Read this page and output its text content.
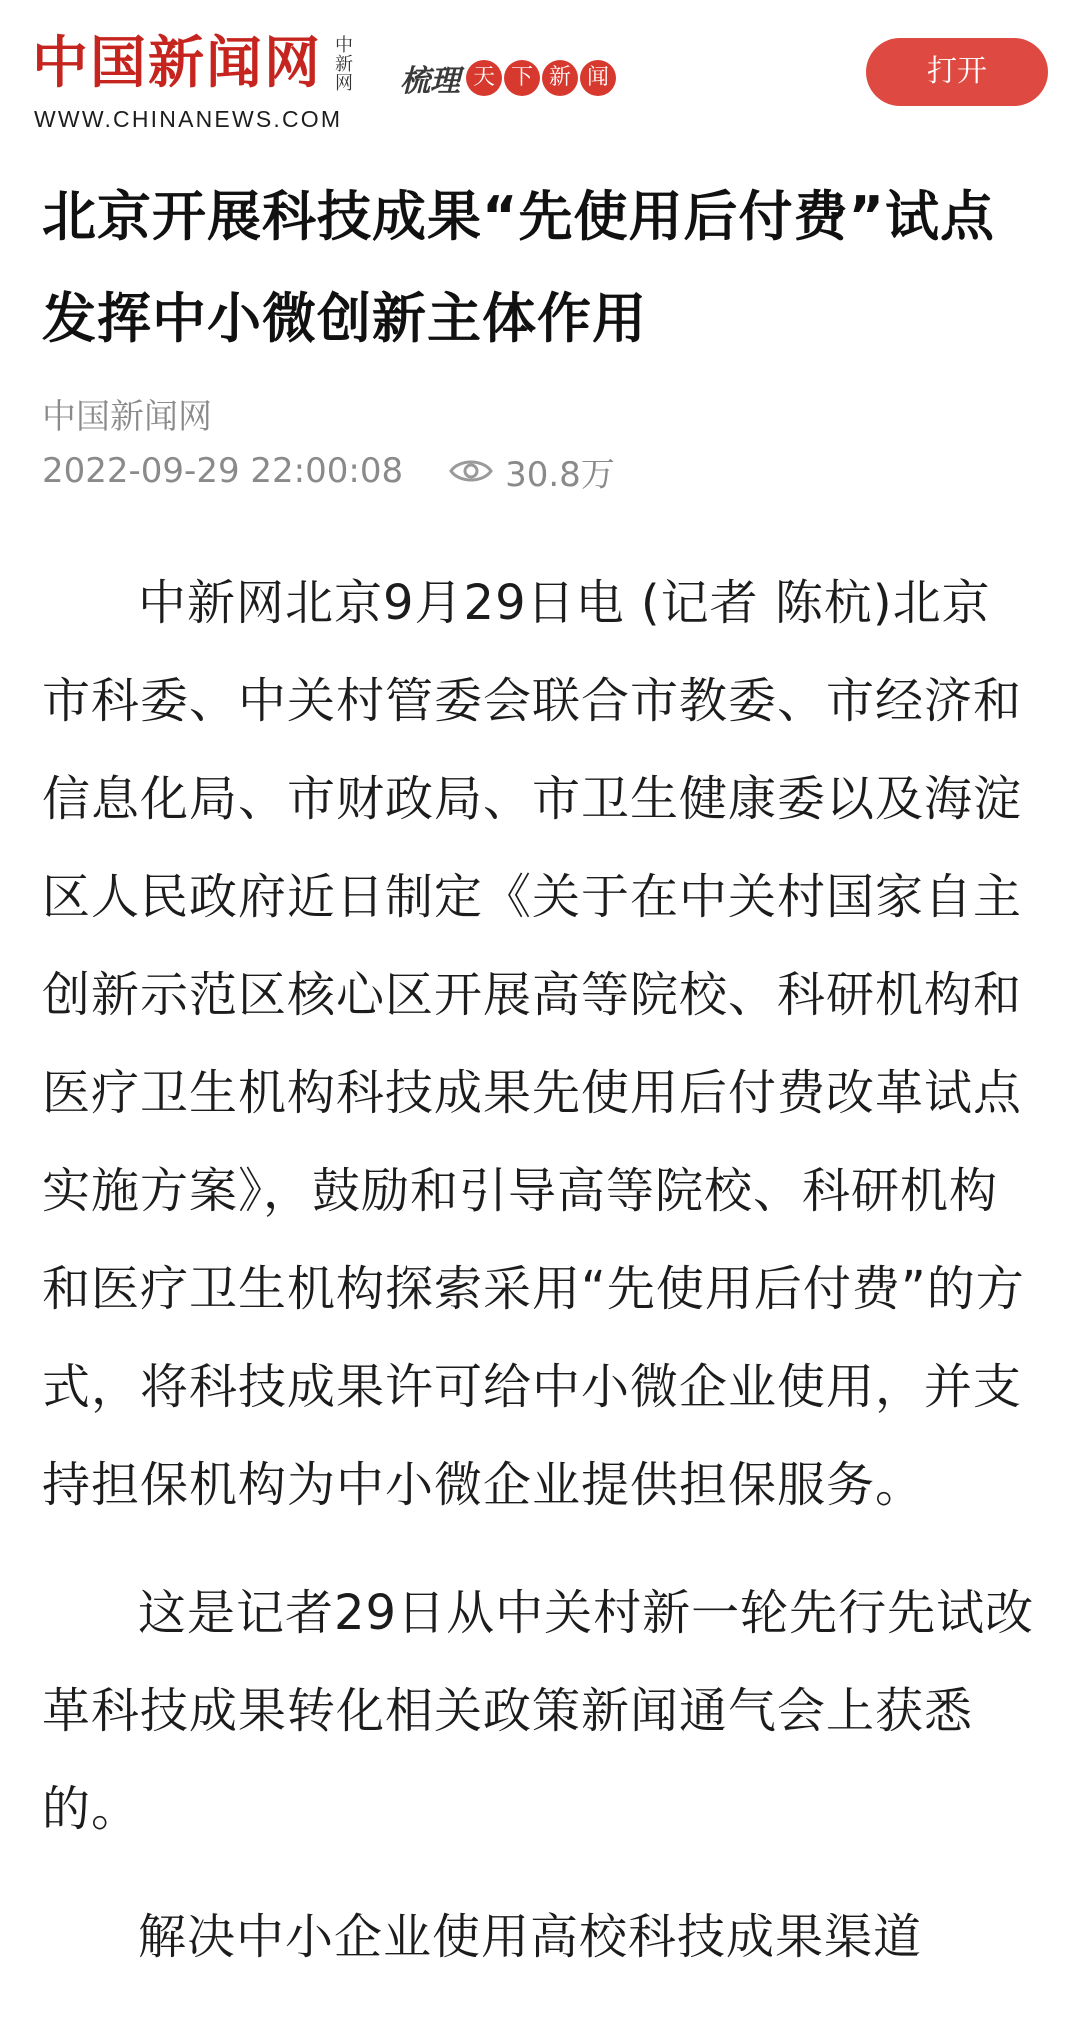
中国新闻网 中新网
WWW.CHINANEWS.COM
梳理 天 下 新 闻	打开
北京开展科技成果“先使用后付费”试点 发挥中小微创新主体作用
中国新闻网
2022-09-29 22:00:08	30.8万

中新网北京9月29日电 (记者 陈杭)北京市科委、中关村管委会联合市教委、市经济和信息化局、市财政局、市卫生健康委以及海淀区人民政府近日制定《关于在中关村国家自主创新示范区核心区开展高等院校、科研机构和医疗卫生机构科技成果先使用后付费改革试点实施方案》，鼓励和引导高等院校、科研机构和医疗卫生机构探索采用“先使用后付费”的方式，将科技成果许可给中小微企业使用，并支持担保机构为中小微企业提供担保服务。

这是记者29日从中关村新一轮先行先试改革科技成果转化相关政策新闻通气会上获悉的。

解决中小企业使用高校科技成果渠道
